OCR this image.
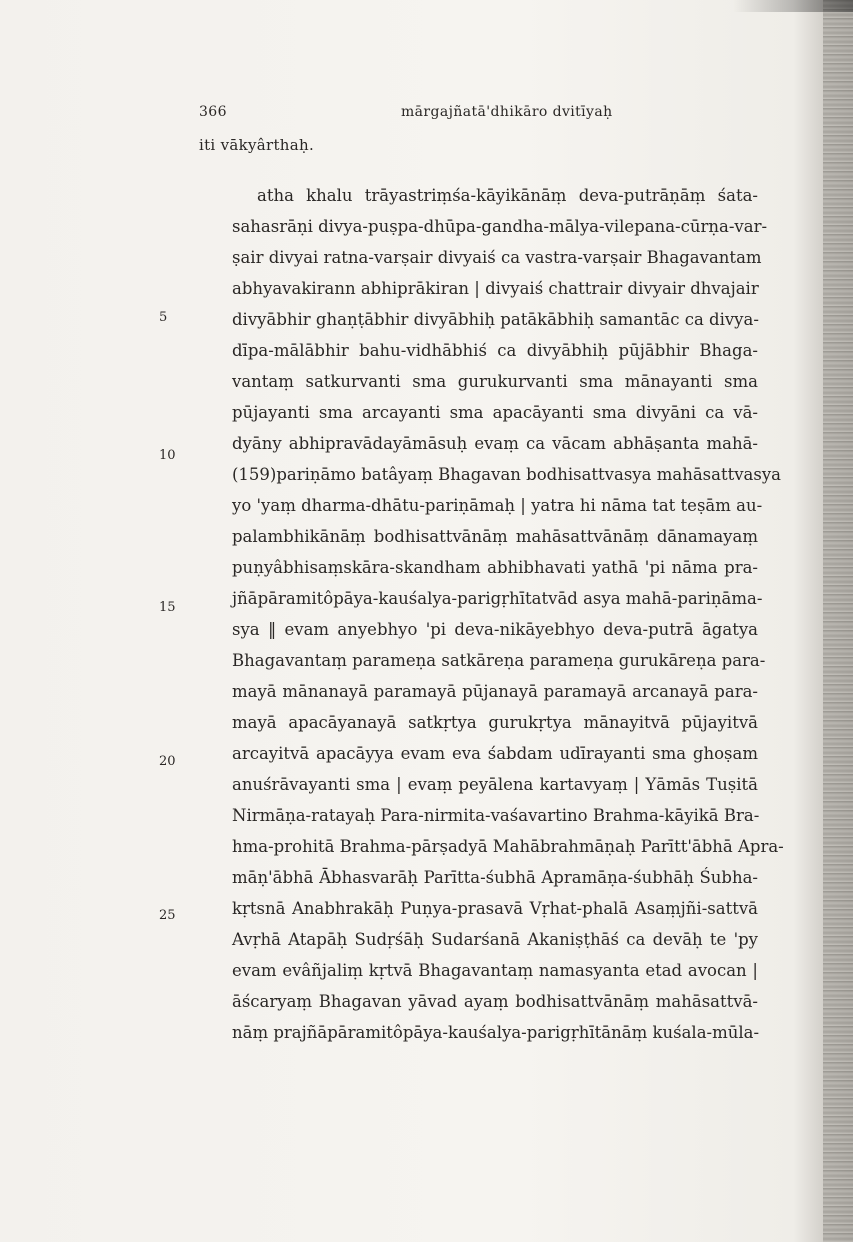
366	mārgajñatā'dhikāro dvitīyaḥ
iti vākyârthaḥ.
5
10
15
20
25
atha khalu trāyastriṃśa-kāyikānāṃ deva-putrāṇāṃ śata-
sahasrāṇi divya-puṣpa-dhūpa-gandha-mālya-vilepana-cūrṇa-var-
ṣair divyai ratna-varṣair divyaiś ca vastra-varṣair Bhagavantam
abhyavakirann abhiprākiran | divyaiś chattrair divyair dhvajair
divyābhir ghaṇṭābhir divyābhiḥ patākābhiḥ samantāc ca divya-
dīpa-mālābhir bahu-vidhābhiś ca divyābhiḥ pūjābhir Bhaga-
vantaṃ satkurvanti sma gurukurvanti sma mānayanti sma
pūjayanti sma arcayanti sma apacāyanti sma divyāni ca vā-
dyāny abhipravādayāmāsuḥ evaṃ ca vācam abhāṣanta mahā-
(159)pariṇāmo batâyaṃ Bhagavan bodhisattvasya mahāsattvasya
yo 'yaṃ dharma-dhātu-pariṇāmaḥ | yatra hi nāma tat teṣām au-
palambhikānāṃ bodhisattvānāṃ mahāsattvānāṃ dānamayaṃ
puṇyâbhisaṃskāra-skandham abhibhavati yathā 'pi nāma pra-
jñāpāramitôpāya-kauśalya-parigṛhītatvād asya mahā-pariṇāma-
sya ‖ evam anyebhyo 'pi deva-nikāyebhyo deva-putrā āgatya
Bhagavantaṃ parameṇa satkāreṇa parameṇa gurukāreṇa para-
mayā mānanayā paramayā pūjanayā paramayā arcanayā para-
mayā apacāyanayā satkṛtya gurukṛtya mānayitvā pūjayitvā
arcayitvā apacāyya evam eva śabdam udīrayanti sma ghoṣam
anuśrāvayanti sma | evaṃ peyālena kartavyaṃ | Yāmās Tuṣitā
Nirmāṇa-ratayaḥ Para-nirmita-vaśavartino Brahma-kāyikā Bra-
hma-prohitā Brahma-pārṣadyā Mahābrahmāṇaḥ Parītt'ābhā Apra-
māṇ'ābhā Ābhasvarāḥ Parītta-śubhā Apramāṇa-śubhāḥ Śubha-
kṛtsnā Anabhrakāḥ Puṇya-prasavā Vṛhat-phalā Asaṃjñi-sattvā
Avṛhā Atapāḥ Sudṛśāḥ Sudarśanā Akaniṣṭhāś ca devāḥ te 'py
evam evâñjaliṃ kṛtvā Bhagavantaṃ namasyanta etad avocan |
āścaryaṃ Bhagavan yāvad ayaṃ bodhisattvānāṃ mahāsattvā-
nāṃ prajñāpāramitôpāya-kauśalya-parigṛhītānāṃ kuśala-mūla-
